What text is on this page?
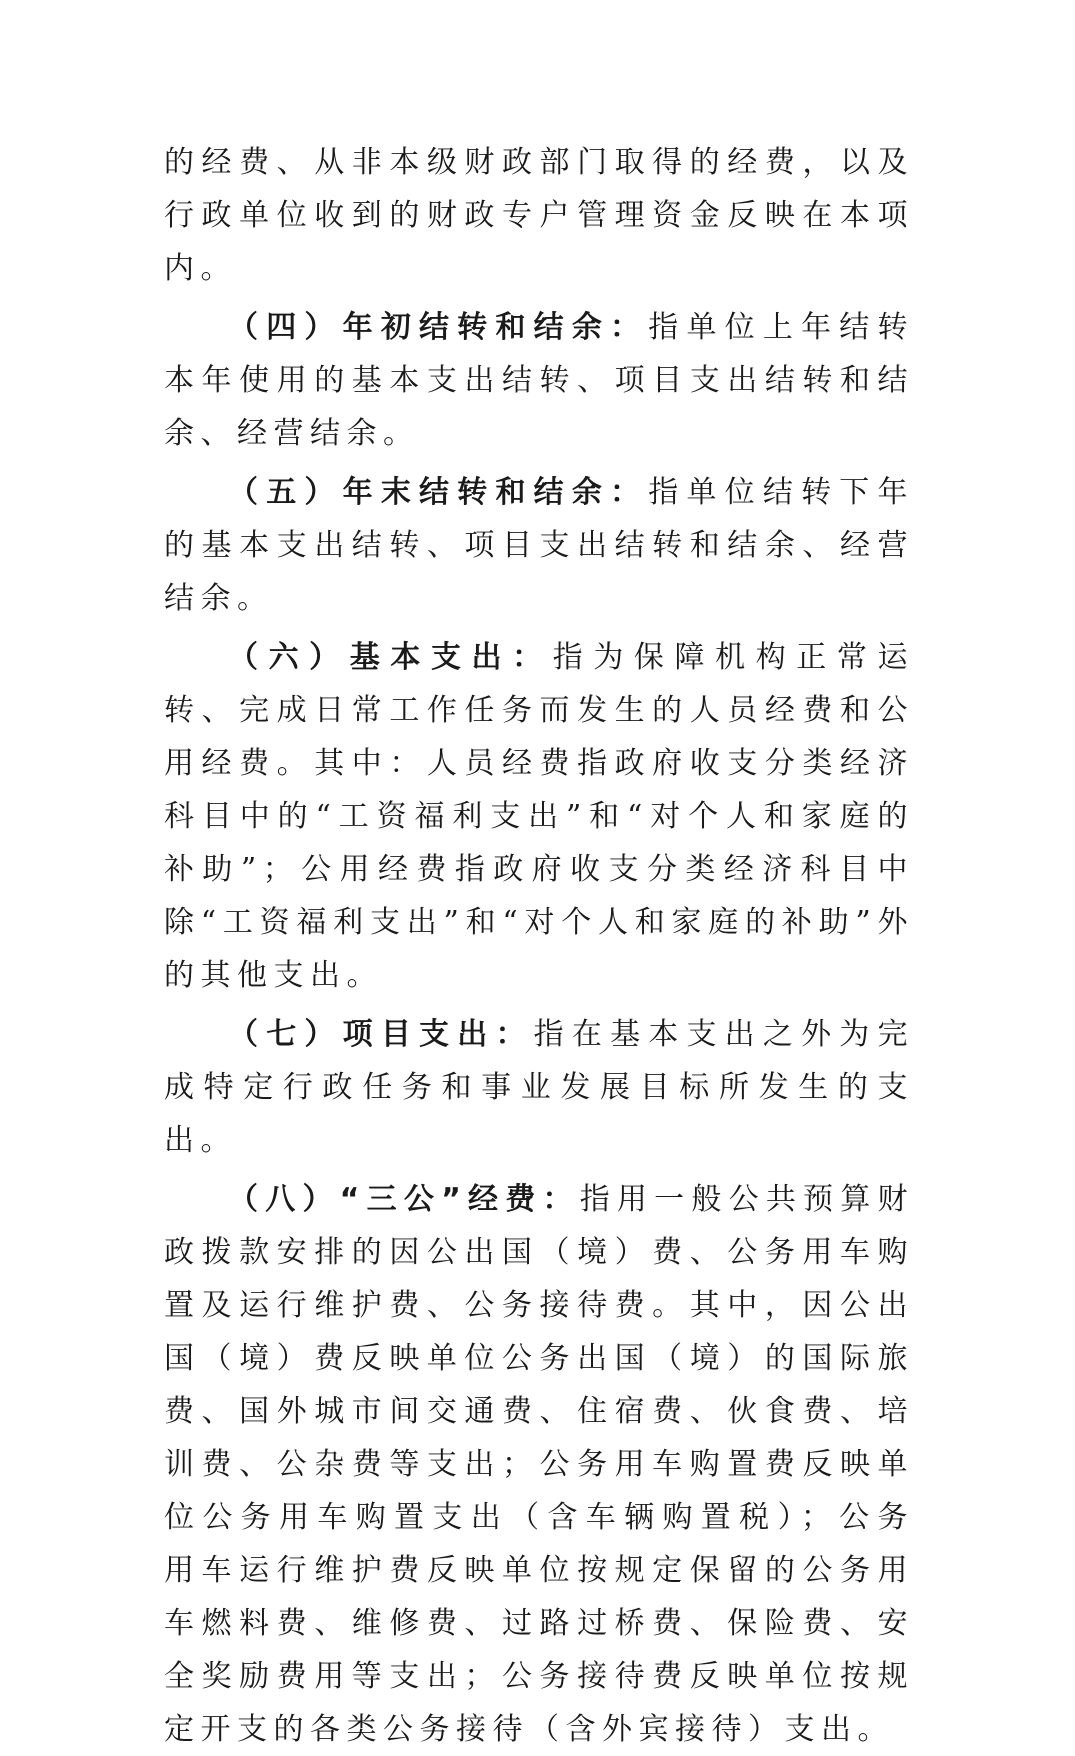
的经费、从非本级财政部门取得的经费，以及行政单位收到的财政专户管理资金反映在本项内。

（四）年初结转和结余：指单位上年结转本年使用的基本支出结转、项目支出结转和结余、经营结余。

（五）年末结转和结余：指单位结转下年的基本支出结转、项目支出结转和结余、经营结余。

（六）基本支出：指为保障机构正常运转、完成日常工作任务而发生的人员经费和公用经费。其中：人员经费指政府收支分类经济科目中的“工资福利支出”和“对个人和家庭的补助”；公用经费指政府收支分类经济科目中除“工资福利支出”和“对个人和家庭的补助”外的其他支出。

（七）项目支出：指在基本支出之外为完成特定行政任务和事业发展目标所发生的支出。

（八）“三公”经费：指用一般公共预算财政拨款安排的因公出国（境）费、公务用车购置及运行维护费、公务接待费。其中，因公出国（境）费反映单位公务出国（境）的国际旅费、国外城市间交通费、住宿费、伙食费、培训费、公杂费等支出；公务用车购置费反映单位公务用车购置支出（含车辆购置税）；公务用车运行维护费反映单位按规定保留的公务用车燃料费、维修费、过路过桥费、保险费、安全奖励费用等支出；公务接待费反映单位按规定开支的各类公务接待（含外宾接待）支出。
